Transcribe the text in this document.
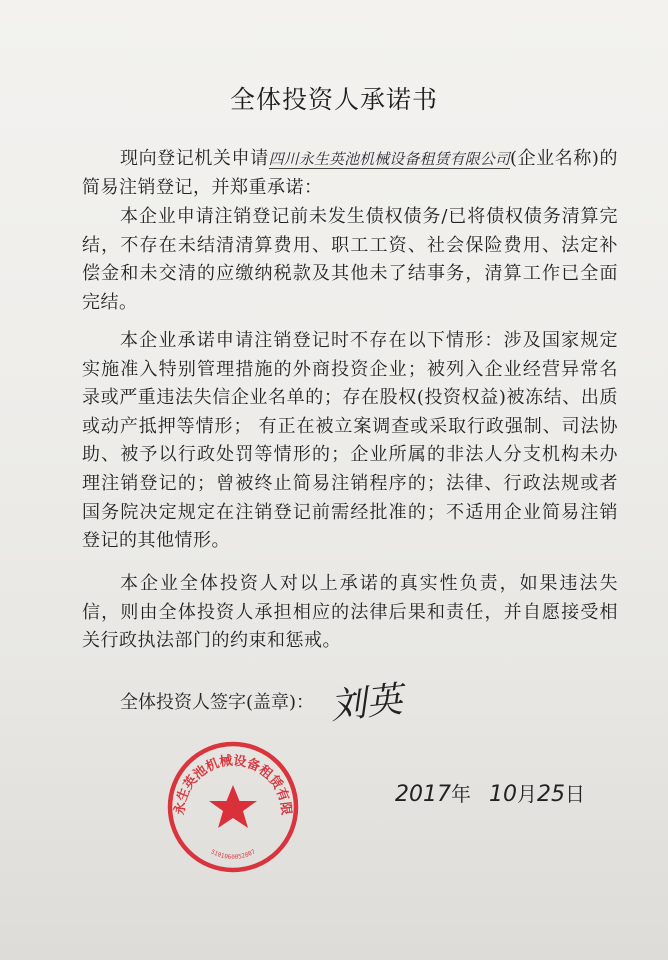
全体投资人承诺书
现向登记机关申请四川永生英池机械设备租赁有限公司(企业名称)的简易注销登记，并郑重承诺：
本企业申请注销登记前未发生债权债务/已将债权债务清算完结，不存在未结清清算费用、职工工资、社会保险费用、法定补偿金和未交清的应缴纳税款及其他未了结事务，清算工作已全面完结。
本企业承诺申请注销登记时不存在以下情形：涉及国家规定实施准入特别管理措施的外商投资企业；被列入企业经营异常名录或严重违法失信企业名单的；存在股权(投资权益)被冻结、出质或动产抵押等情形； 有正在被立案调查或采取行政强制、司法协助、被予以行政处罚等情形的；企业所属的非法人分支机构未办理注销登记的；曾被终止简易注销程序的；法律、行政法规或者国务院决定规定在注销登记前需经批准的；不适用企业简易注销登记的其他情形。
本企业全体投资人对以上承诺的真实性负责，如果违法失信，则由全体投资人承担相应的法律后果和责任，并自愿接受相关行政执法部门的约束和惩戒。
全体投资人签字(盖章)： 刘英
永生英池机械设备租赁有限
5101060052807
2017年 10月25日
